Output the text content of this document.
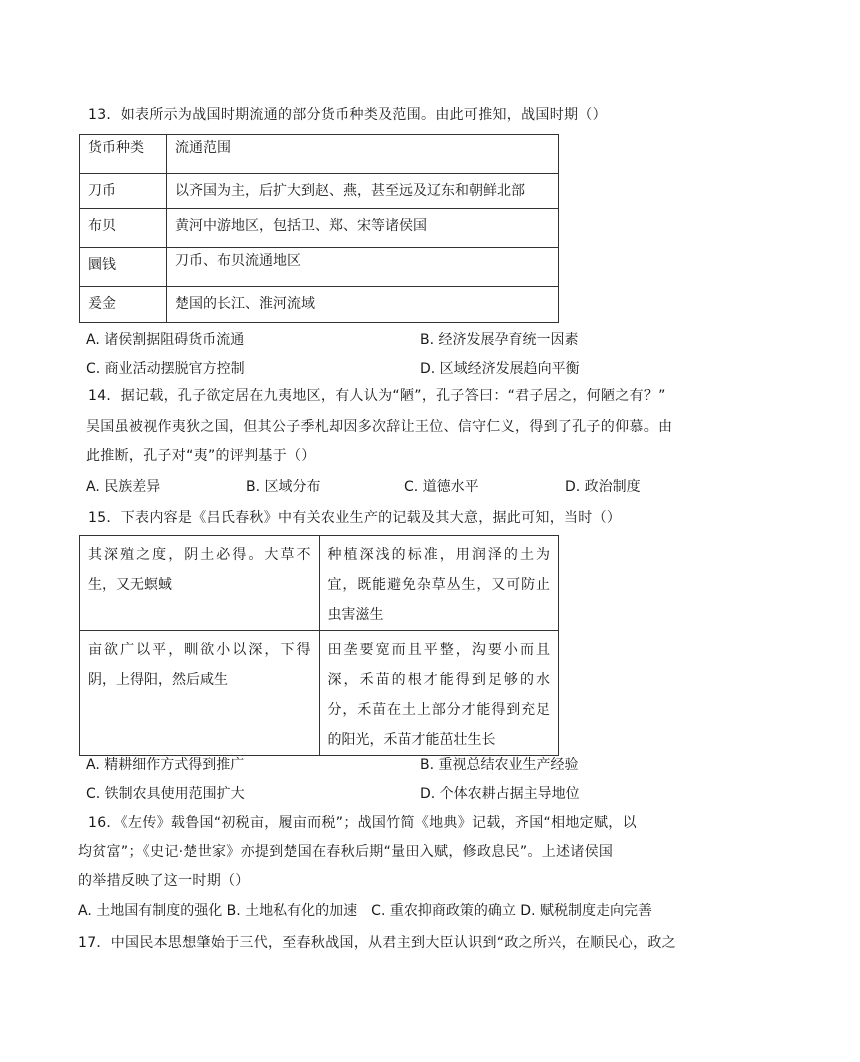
13．如表所示为战国时期流通的部分货币种类及范围。由此可推知，战国时期（）
货币种类	流通范围
刀币	以齐国为主，后扩大到赵、燕，甚至远及辽东和朝鲜北部
布贝	黄河中游地区，包括卫、郑、宋等诸侯国
圜钱	刀币、布贝流通地区
爰金	楚国的长江、淮河流域
A. 诸侯割据阻碍货币流通	B. 经济发展孕育统一因素
C. 商业活动摆脱官方控制	D. 区域经济发展趋向平衡
14．据记载，孔子欲定居在九夷地区，有人认为“陋”，孔子答曰：“君子居之，何陋之有？”
吴国虽被视作夷狄之国，但其公子季札却因多次辞让王位、信守仁义，得到了孔子的仰慕。由
此推断，孔子对“夷”的评判基于（）
A. 民族差异	B. 区域分布	C. 道德水平	D. 政治制度
15．下表内容是《吕氏春秋》中有关农业生产的记载及其大意，据此可知，当时（）
其深殖之度，阴土必得。大草不生，又无螟蜮	种植深浅的标准，用润泽的土为宜，既能避免杂草丛生，又可防止虫害滋生
亩欲广以平，甽欲小以深，下得阴，上得阳，然后咸生	田垄要宽而且平整，沟要小而且深，禾苗的根才能得到足够的水分，禾苗在土上部分才能得到充足的阳光，禾苗才能茁壮生长
A. 精耕细作方式得到推广	B. 重视总结农业生产经验
C. 铁制农具使用范围扩大	D. 个体农耕占据主导地位
16．《左传》载鲁国“初税亩，履亩而税”；战国竹简《地典》记载，齐国“相地定赋，以
均贫富”；《史记·楚世家》亦提到楚国在春秋后期“量田入赋，修政息民”。上述诸侯国
的举措反映了这一时期（）
A. 土地国有制度的强化 B. 土地私有化的加速　C. 重农抑商政策的确立 D. 赋税制度走向完善
17．中国民本思想肇始于三代，至春秋战国，从君主到大臣认识到“政之所兴，在顺民心，政之
